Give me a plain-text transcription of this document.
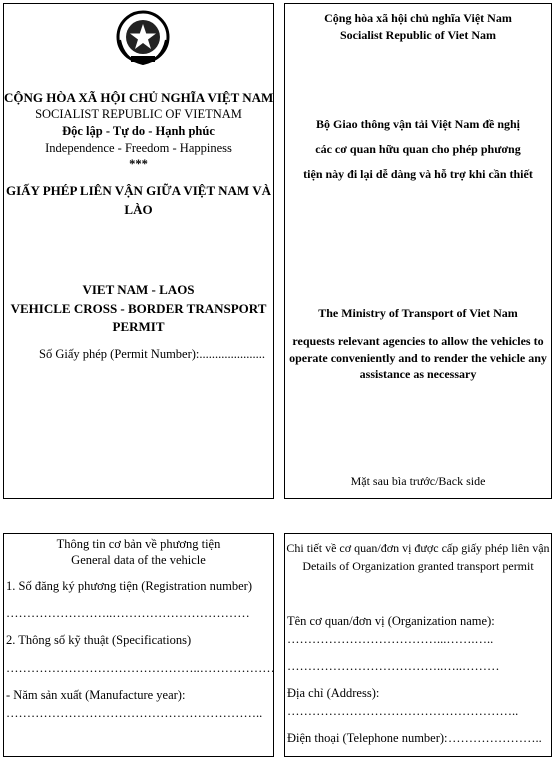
CỘNG HÒA XÃ HỘI CHỦ NGHĨA VIỆT NAM
SOCIALIST REPUBLIC OF VIETNAM
Độc lập - Tự do - Hạnh phúc
Independence - Freedom - Happiness
***
GIẤY PHÉP LIÊN VẬN GIỮA VIỆT NAM VÀ
LÀO
VIET NAM - LAOS
VEHICLE CROSS - BORDER TRANSPORT
PERMIT
Số Giấy phép (Permit Number):.....................
Cộng hòa xã hội chủ nghĩa Việt Nam
Socialist Republic of Viet Nam
Bộ Giao thông vận tải Việt Nam đề nghị
các cơ quan hữu quan cho phép phương
tiện này đi lại dễ dàng và hỗ trợ khi cần thiết
The Ministry of Transport of Viet Nam
requests relevant agencies to allow the vehicles to
operate conveniently and to render the vehicle any
assistance as necessary
Mặt sau bìa trước/Back side
Thông tin cơ bản về phương tiện
General data of the vehicle
1. Số đăng ký phương tiện (Registration number)
……………………..……………………………
2. Thông số kỹ thuật (Specifications)
………………………………………..………………
- Năm sản xuất (Manufacture year):
……………………………………………………..
Chi tiết về cơ quan/đơn vị được cấp giấy phép liên vận
Details of Organization granted transport permit
Tên cơ quan/đơn vị (Organization name):
………………………………...…….…..
………………………………..…..………
Địa chỉ (Address):
………………………………………………..
Điện thoại (Telephone number): …………………..
